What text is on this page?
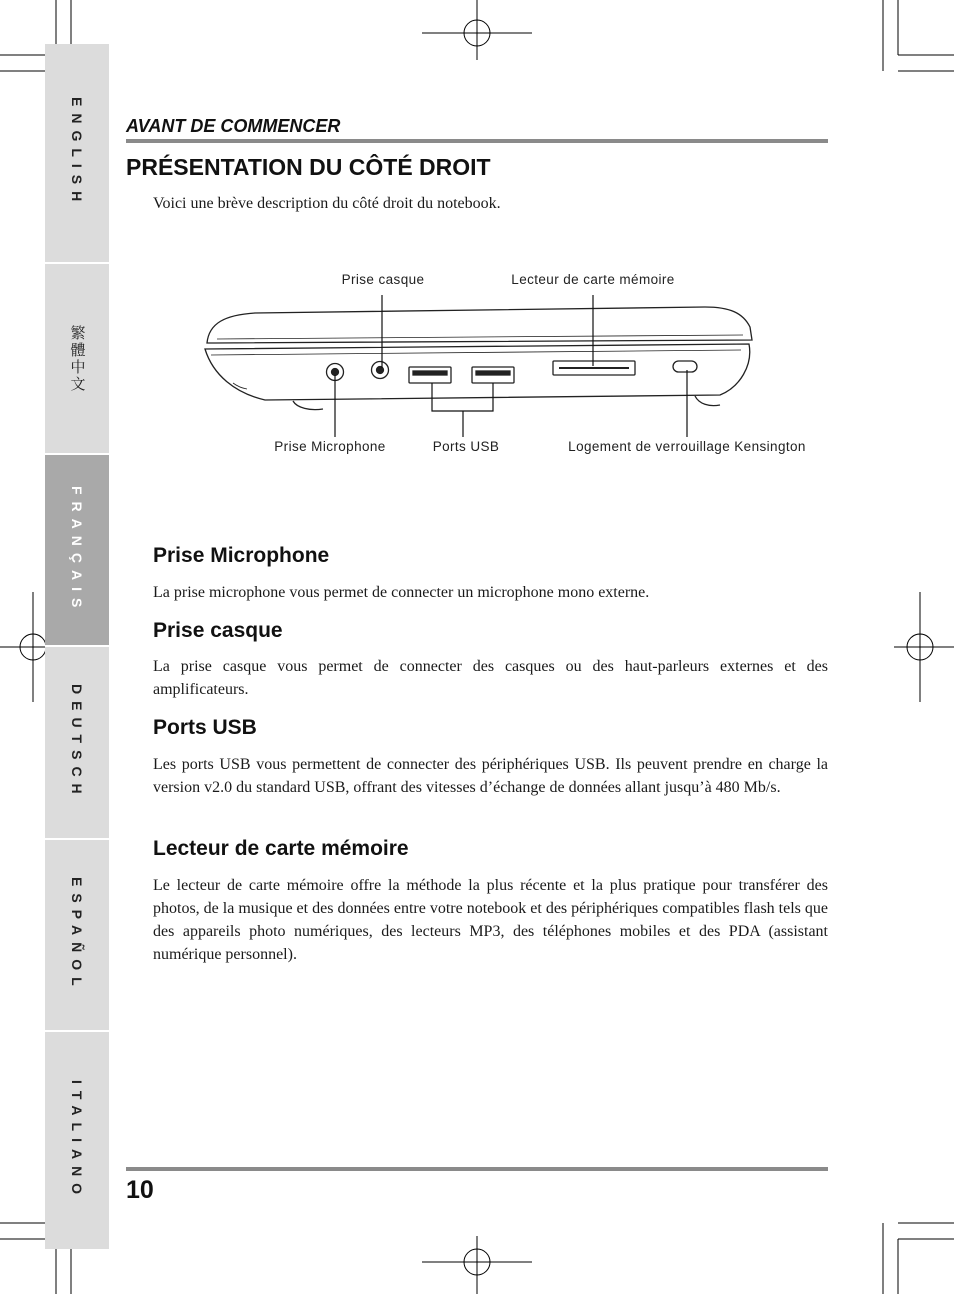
ENGLISH
繁體中文
FRANÇAIS
DEUTSCH
ESPAÑOL
ITALIANO
AVANT DE COMMENCER
PRÉSENTATION DU CÔTÉ DROIT

Voici une brève description du côté droit du notebook.

Prise casque	Lecteur de carte mémoire
Prise Microphone	Ports USB	Logement de verrouillage Kensington
Prise Microphone

La prise microphone vous permet de connecter un microphone mono externe.

Prise casque

La prise casque vous permet de connecter des casques ou des haut-parleurs externes et des amplificateurs.

Ports USB

Les ports USB vous permettent de connecter des périphériques USB. Ils peuvent prendre en charge la version v2.0 du standard USB, offrant des vitesses d’échange de données allant jusqu’à 480 Mb/s.

Lecteur de carte mémoire

Le lecteur de carte mémoire offre la méthode la plus récente et la plus pratique pour transférer des photos, de la musique et des données entre votre notebook et des périphériques compatibles flash tels que des appareils photo numériques, des lecteurs MP3, des téléphones mobiles et des PDA (assistant numérique personnel).

10
